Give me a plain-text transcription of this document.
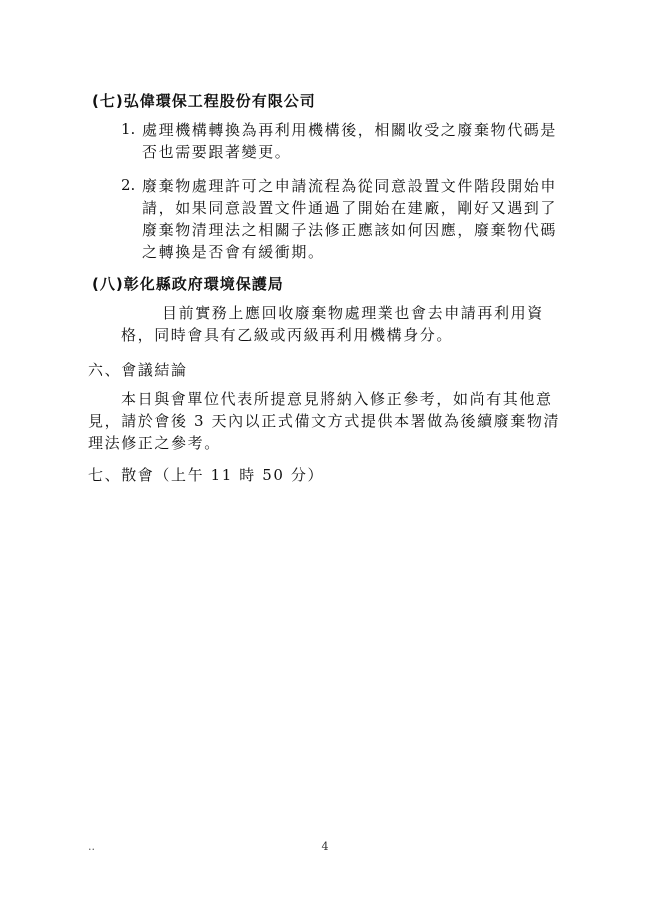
(七)弘偉環保工程股份有限公司
1. 處理機構轉換為再利用機構後，相關收受之廢棄物代碼是
否也需要跟著變更。
2. 廢棄物處理許可之申請流程為從同意設置文件階段開始申
請，如果同意設置文件通過了開始在建廠，剛好又遇到了
廢棄物清理法之相關子法修正應該如何因應，廢棄物代碼
之轉換是否會有緩衝期。
(八)彰化縣政府環境保護局
目前實務上應回收廢棄物處理業也會去申請再利用資
格，同時會具有乙級或丙級再利用機構身分。
六、會議結論
本日與會單位代表所提意見將納入修正參考，如尚有其他意
見，請於會後 3 天內以正式備文方式提供本署做為後續廢棄物清
理法修正之參考。
七、散會（上午 11 時 50 分）
..	4
